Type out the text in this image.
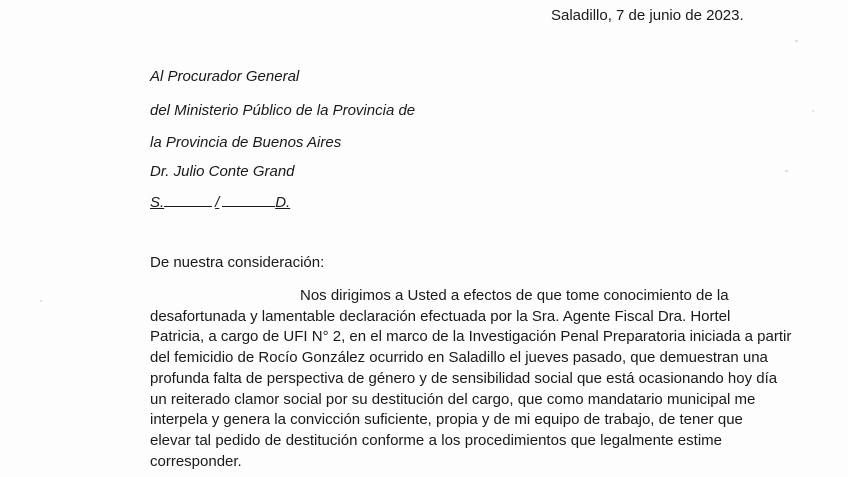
Saladillo, 7 de junio de 2023.
Al Procurador General
del Ministerio Público de la Provincia de
la Provincia de Buenos Aires
Dr. Julio Conte Grand
S.	/	D.
De nuestra consideración:
Nos dirigimos a Usted a efectos de que tome conocimiento de la
desafortunada y lamentable declaración efectuada por la Sra. Agente Fiscal Dra. Hortel
Patricia, a cargo de UFI N° 2, en el marco de la Investigación Penal Preparatoria iniciada a partir
del femicidio de Rocío González ocurrido en Saladillo el jueves pasado, que demuestran una
profunda falta de perspectiva de género y de sensibilidad social que está ocasionando hoy día
un reiterado clamor social por su destitución del cargo, que como mandatario municipal me
interpela y genera la convicción suficiente, propia y de mi equipo de trabajo, de tener que
elevar tal pedido de destitución conforme a los procedimientos que legalmente estime
corresponder.
